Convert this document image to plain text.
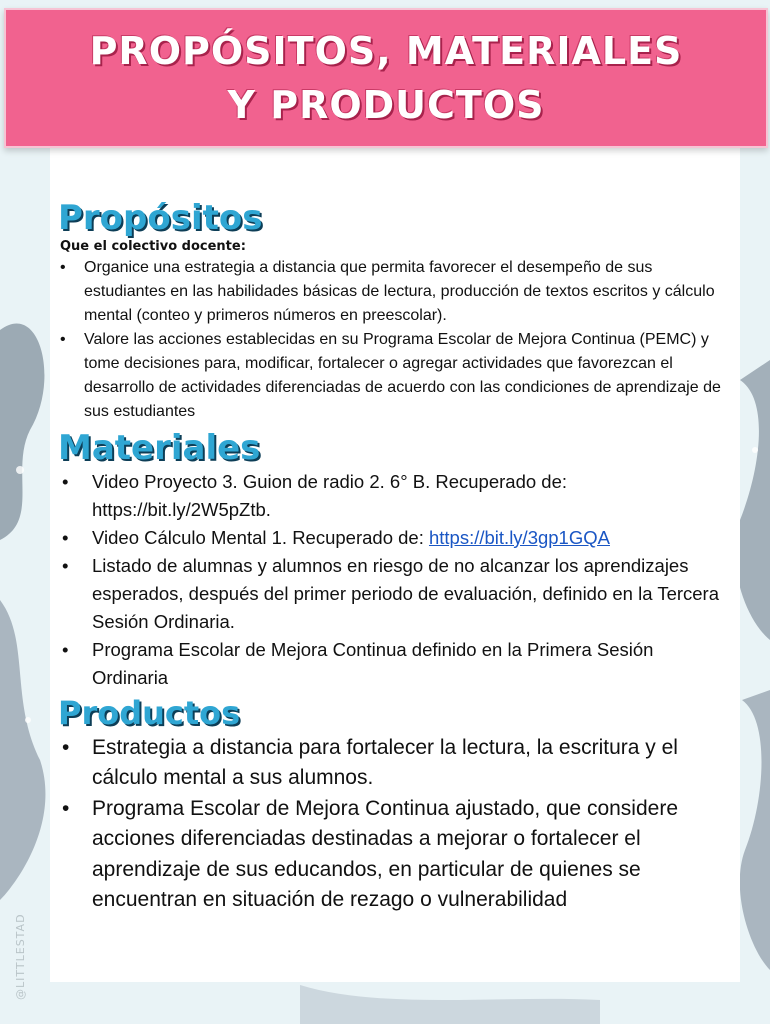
PROPÓSITOS, MATERIALES
Y PRODUCTOS
Propósitos

Que el colectivo docente:

• Organice una estrategia a distancia que permita favorecer el desempeño de sus estudiantes en las habilidades básicas de lectura, producción de textos escritos y cálculo mental (conteo y primeros números en preescolar).
• Valore las acciones establecidas en su Programa Escolar de Mejora Continua (PEMC) y tome decisiones para, modificar, fortalecer o agregar actividades que favorezcan el desarrollo de actividades diferenciadas de acuerdo con las condiciones de aprendizaje de sus estudiantes
Materiales
• Video Proyecto 3. Guion de radio 2. 6° B. Recuperado de: https://bit.ly/2W5pZtb.
• Video Cálculo Mental 1. Recuperado de: https://bit.ly/3gp1GQA
• Listado de alumnas y alumnos en riesgo de no alcanzar los aprendizajes esperados, después del primer periodo de evaluación, definido en la Tercera Sesión Ordinaria.
• Programa Escolar de Mejora Continua definido en la Primera Sesión Ordinaria
Productos
• Estrategia a distancia para fortalecer la lectura, la escritura y el cálculo mental a sus alumnos.
• Programa Escolar de Mejora Continua ajustado, que considere acciones diferenciadas destinadas a mejorar o fortalecer el aprendizaje de sus educandos, en particular de quienes se encuentran en situación de rezago o vulnerabilidad
@LITTLESTAD
